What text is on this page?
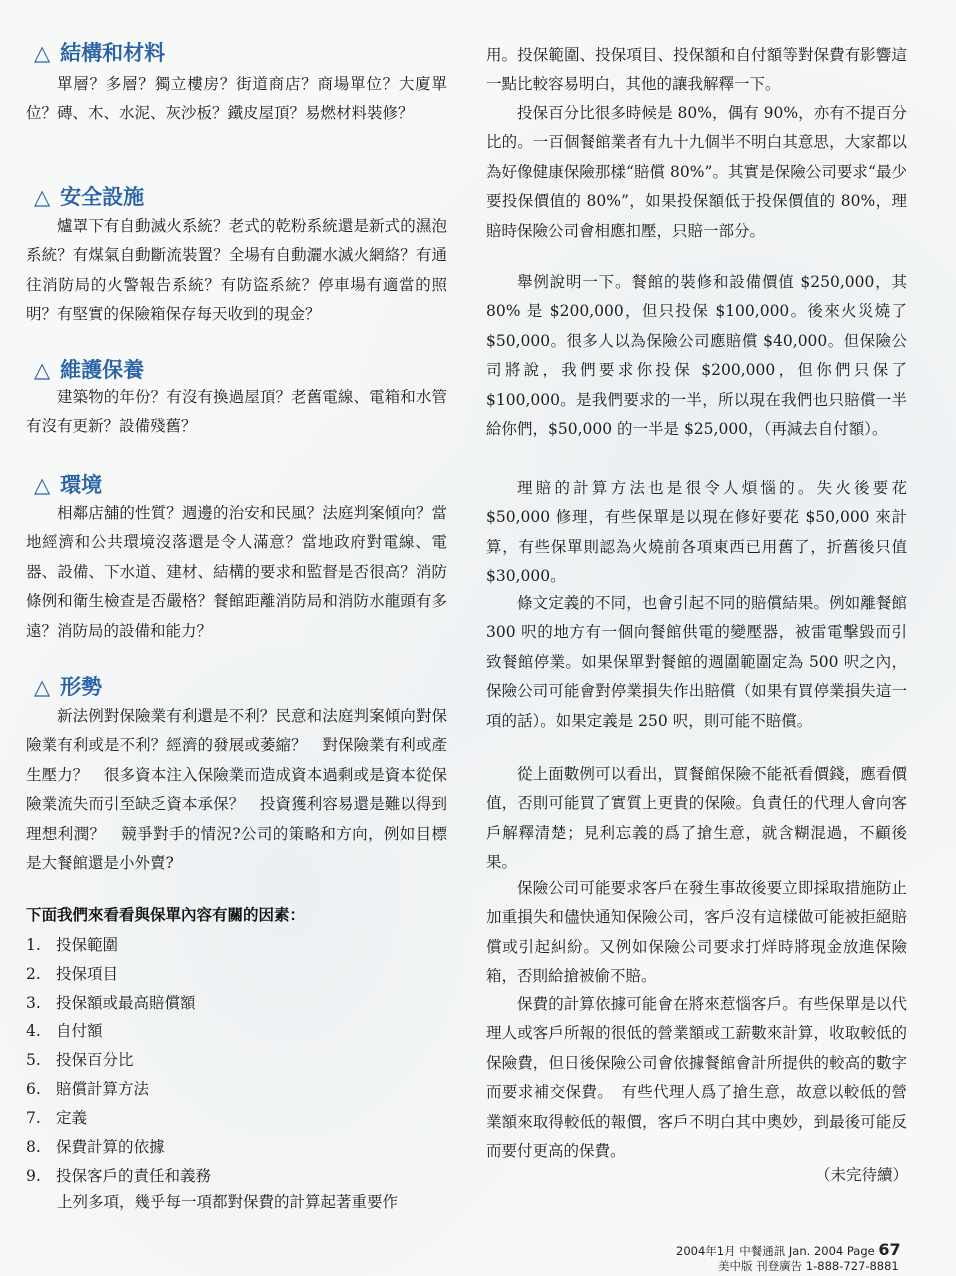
△ 結構和材料
單層？多層？獨立樓房？街道商店？商場單位？大廈單位？磚、木、水泥、灰沙板？鐵皮屋頂？易燃材料裝修？
△ 安全設施
爐罩下有自動滅火系統？老式的乾粉系統還是新式的濕泡系統？有煤氣自動斷流裝置？全場有自動灑水滅火網絡？有通往消防局的火警報告系統？有防盜系統？停車場有適當的照明？有堅實的保險箱保存每天收到的現金？
△ 維護保養
建築物的年份？有沒有換過屋頂？老舊電線、電箱和水管有沒有更新？設備殘舊？
△ 環境
相鄰店舖的性質？週邊的治安和民風？法庭判案傾向？當地經濟和公共環境沒落還是令人滿意？當地政府對電線、電器、設備、下水道、建材、結構的要求和監督是否很高？消防條例和衛生檢查是否嚴格？餐館距離消防局和消防水龍頭有多遠？消防局的設備和能力？
△ 形勢
新法例對保險業有利還是不利？民意和法庭判案傾向對保險業有利或是不利？經濟的發展或萎縮？　對保險業有利或產生壓力？　很多資本注入保險業而造成資本過剩或是資本從保險業流失而引至缺乏資本承保？　投資獲利容易還是難以得到理想利潤？　競爭對手的情況?公司的策略和方向，例如目標是大餐館還是小外賣?
下面我們來看看與保單內容有關的因素：
1. 投保範圍
2. 投保項目
3. 投保額或最高賠償額
4. 自付額
5. 投保百分比
6. 賠償計算方法
7. 定義
8. 保費計算的依據
9. 投保客戶的責任和義務
上列多項，幾乎每一項都對保費的計算起著重要作
用。投保範圍、投保項目、投保額和自付額等對保費有影響這一點比較容易明白，其他的讓我解釋一下。
投保百分比很多時候是 80%，偶有 90%，亦有不提百分比的。一百個餐館業者有九十九個半不明白其意思，大家都以為好像健康保險那樣“賠償 80%”。其實是保險公司要求“最少要投保價值的 80%”，如果投保額低于投保價值的 80%，理賠時保險公司會相應扣壓，只賠一部分。
舉例說明一下。餐館的裝修和設備價值 $250,000，其 80% 是 $200,000，但只投保 $100,000。後來火災燒了 $50,000。很多人以為保險公司應賠償 $40,000。但保險公司將說，我們要求你投保 $200,000，但你們只保了 $100,000。是我們要求的一半，所以現在我們也只賠償一半給你們，$50,000 的一半是 $25,000，（再減去自付額）。
理賠的計算方法也是很令人煩惱的。失火後要花 $50,000 修理，有些保單是以現在修好要花 $50,000 來計算，有些保單則認為火燒前各項東西已用舊了，折舊後只值 $30,000。
條文定義的不同，也會引起不同的賠償結果。例如離餐館 300 呎的地方有一個向餐館供電的變壓器，被雷電擊毀而引致餐館停業。如果保單對餐館的週圍範圍定為 500 呎之內，保險公司可能會對停業損失作出賠償（如果有買停業損失這一項的話）。如果定義是 250 呎，則可能不賠償。
從上面數例可以看出，買餐館保險不能祇看價錢，應看價值，否則可能買了實質上更貴的保險。負責任的代理人會向客戶解釋清楚；見利忘義的爲了搶生意，就含糊混過，不顧後果。
保險公司可能要求客戶在發生事故後要立即採取措施防止加重損失和儘快通知保險公司，客戶沒有這樣做可能被拒絕賠償或引起糾紛。又例如保險公司要求打烊時將現金放進保險箱，否則給搶被偷不賠。
保費的計算依據可能會在將來惹惱客戶。有些保單是以代理人或客戶所報的很低的營業額或工薪數來計算，收取較低的保險費，但日後保險公司會依據餐館會計所提供的較高的數字而要求補交保費。　有些代理人爲了搶生意，故意以較低的營業額來取得較低的報價，客戶不明白其中奧妙，到最後可能反而要付更高的保費。
（未完待續）
2004年1月 中餐通訊 Jan. 2004 Page 67
美中版 刊登廣告 1-888-727-8881
